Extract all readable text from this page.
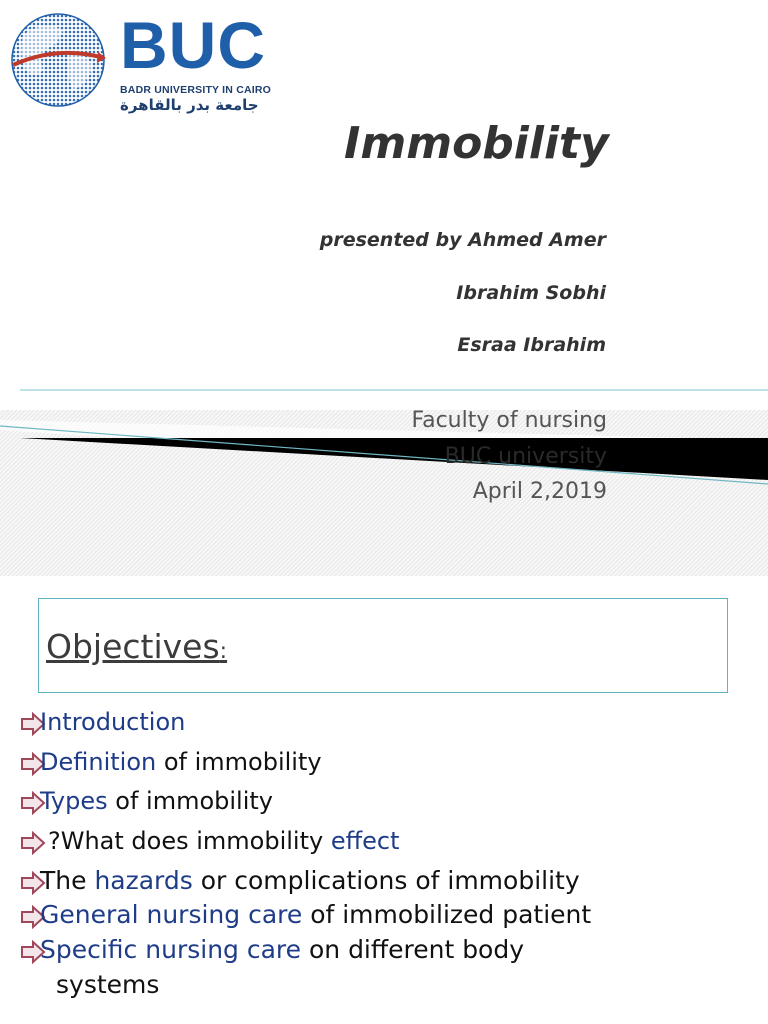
BUC
BADR UNIVERSITY IN CAIRO
جامعة بدر بالقاهرة
Immobility
presented by Ahmed Amer
Ibrahim Sobhi
Esraa Ibrahim
Faculty of nursing
BUC university
April 2,2019
Objectives:
Introduction
Definition of immobility
Types of immobility
?What does immobility effect
The hazards or complications of immobility
General nursing care of immobilized patient
Specific nursing care on different body
systems
